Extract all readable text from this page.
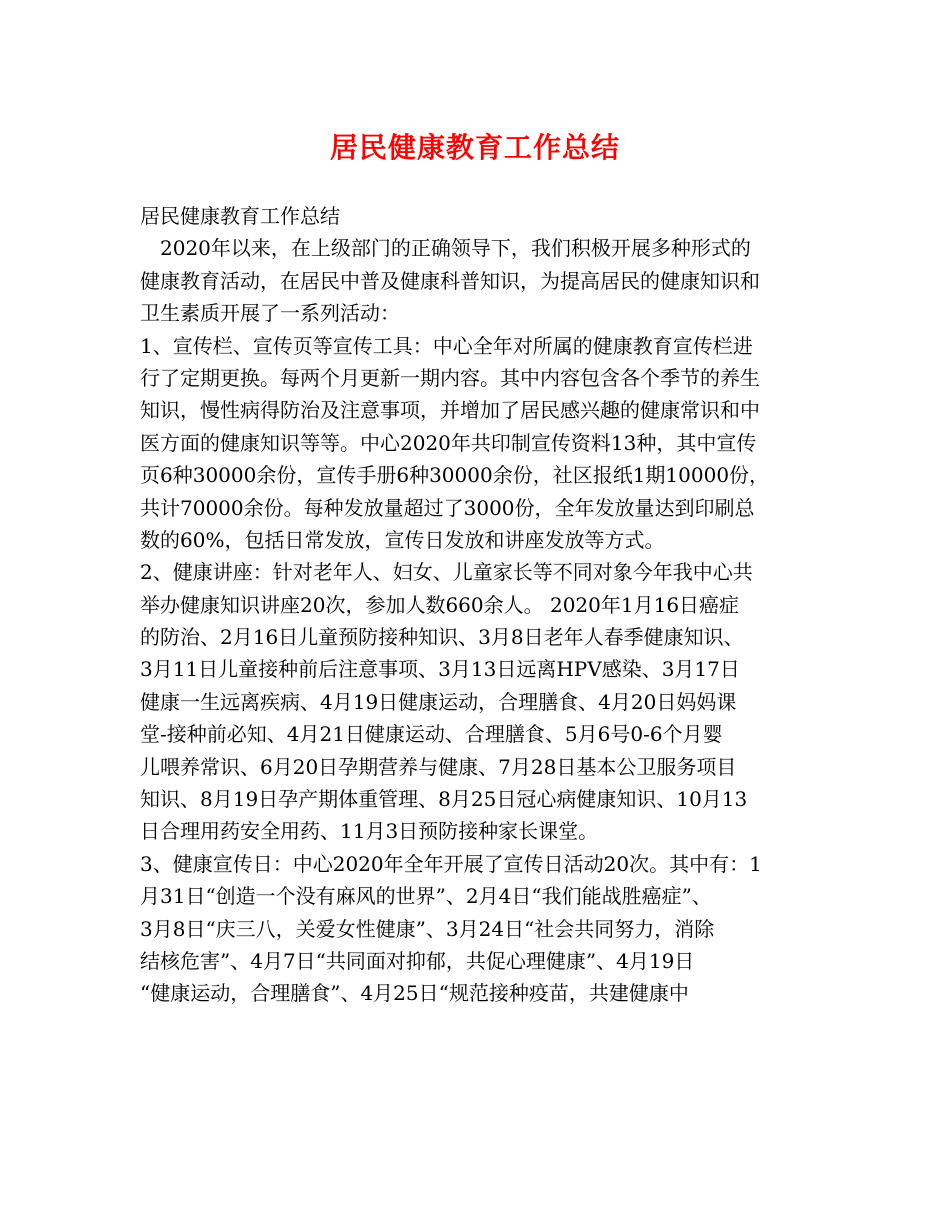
居民健康教育工作总结
居民健康教育工作总结
　2020年以来，在上级部门的正确领导下，我们积极开展多种形式的
健康教育活动，在居民中普及健康科普知识，为提高居民的健康知识和
卫生素质开展了一系列活动：
1、宣传栏、宣传页等宣传工具：中心全年对所属的健康教育宣传栏进
行了定期更换。每两个月更新一期内容。其中内容包含各个季节的养生
知识，慢性病得防治及注意事项，并增加了居民感兴趣的健康常识和中
医方面的健康知识等等。中心2020年共印制宣传资料13种，其中宣传
页6种30000余份，宣传手册6种30000余份，社区报纸1期10000份，
共计70000余份。每种发放量超过了3000份，全年发放量达到印刷总
数的60%，包括日常发放，宣传日发放和讲座发放等方式。
2、健康讲座：针对老年人、妇女、儿童家长等不同对象今年我中心共
举办健康知识讲座20次，参加人数660余人。 2020年1月16日癌症
的防治、2月16日儿童预防接种知识、3月8日老年人春季健康知识、
3月11日儿童接种前后注意事项、3月13日远离HPV感染、3月17日
健康一生远离疾病、4月19日健康运动，合理膳食、4月20日妈妈课
堂-接种前必知、4月21日健康运动、合理膳食、5月6号0-6个月婴
儿喂养常识、6月20日孕期营养与健康、7月28日基本公卫服务项目
知识、8月19日孕产期体重管理、8月25日冠心病健康知识、10月13
日合理用药安全用药、11月3日预防接种家长课堂。
3、健康宣传日：中心2020年全年开展了宣传日活动20次。其中有：1
月31日“创造一个没有麻风的世界”、2月4日“我们能战胜癌症”、
3月8日“庆三八，关爱女性健康”、3月24日“社会共同努力，消除
结核危害”、4月7日“共同面对抑郁，共促心理健康”、4月19日
“健康运动，合理膳食”、4月25日“规范接种疫苗，共建健康中
